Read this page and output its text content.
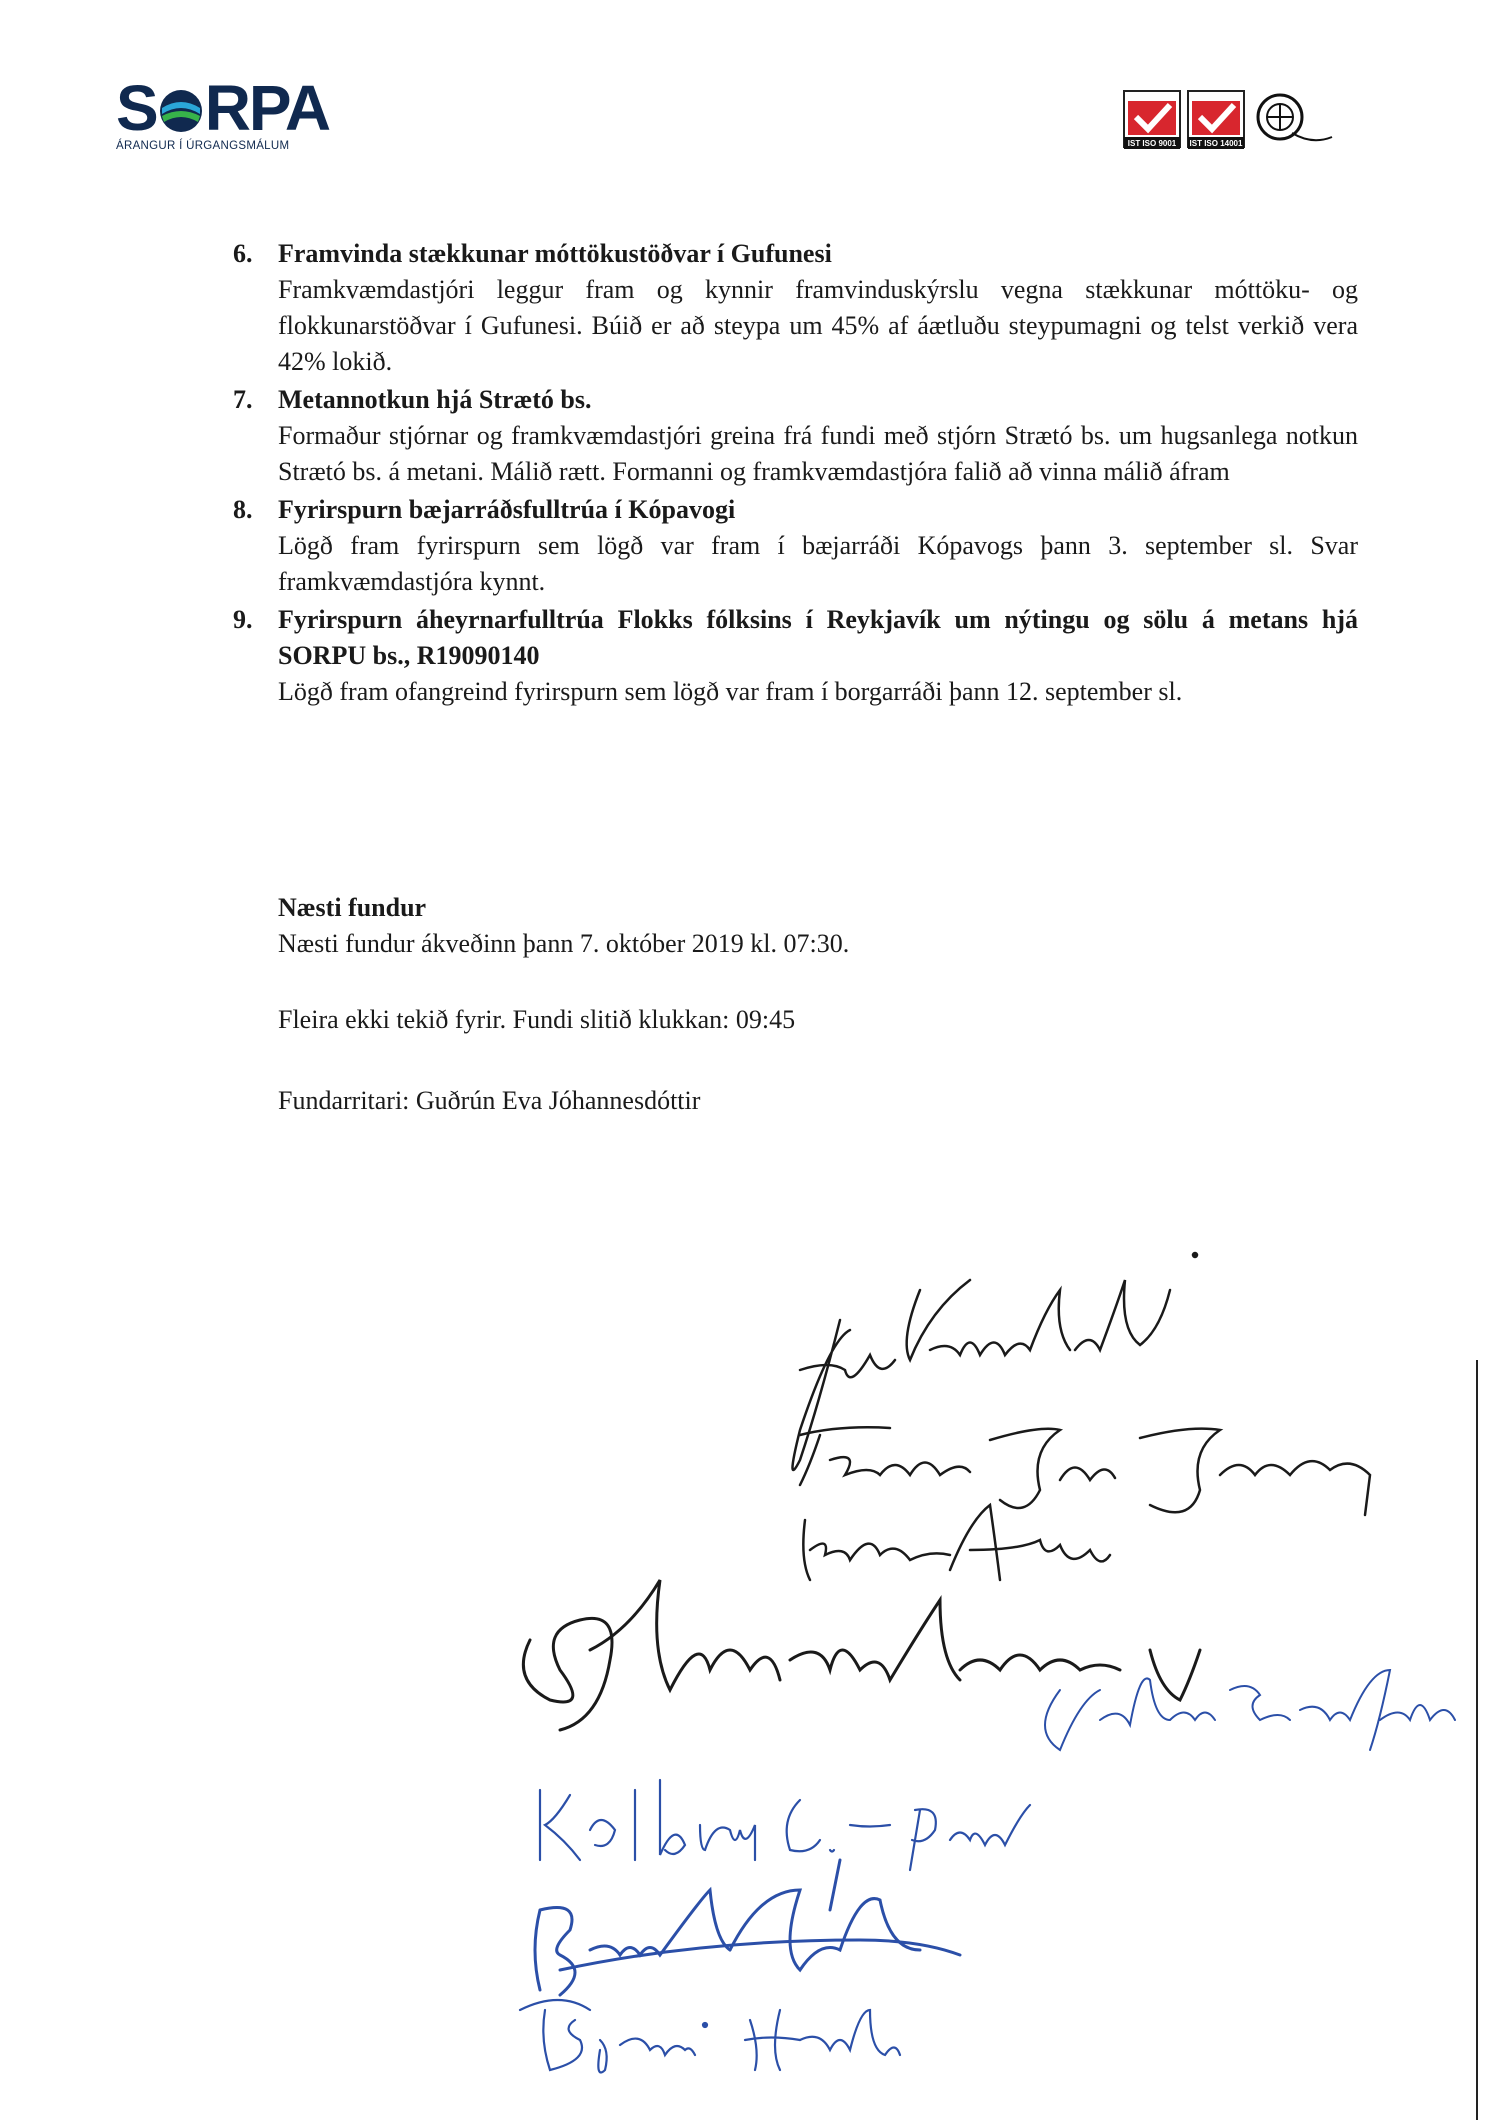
S RPA
ÁRANGUR Í ÚRGANGSMÁLUM	IST ISO 9001 IST ISO 14001
6. Framvinda stækkunar móttökustöðvar í Gufunesi
Framkvæmdastjóri leggur fram og kynnir framvinduskýrslu vegna stækkunar móttöku- og flokkunarstöðvar í Gufunesi. Búið er að steypa um 45% af áætluðu steypumagni og telst verkið vera 42% lokið.
7. Metannotkun hjá Strætó bs.
Formaður stjórnar og framkvæmdastjóri greina frá fundi með stjórn Strætó bs. um hugsanlega notkun Strætó bs. á metani. Málið rætt. Formanni og framkvæmdastjóra falið að vinna málið áfram
8. Fyrirspurn bæjarráðsfulltrúa í Kópavogi
Lögð fram fyrirspurn sem lögð var fram í bæjarráði Kópavogs þann 3. september sl. Svar framkvæmdastjóra kynnt.
9. Fyrirspurn áheyrnarfulltrúa Flokks fólksins í Reykjavík um nýtingu og sölu á metans hjá SORPU bs., R19090140
Lögð fram ofangreind fyrirspurn sem lögð var fram í borgarráði þann 12. september sl.
Næsti fundur
Næsti fundur ákveðinn þann 7. október 2019 kl. 07:30.
Fleira ekki tekið fyrir. Fundi slitið klukkan: 09:45
Fundarritari: Guðrún Eva Jóhannesdóttir
